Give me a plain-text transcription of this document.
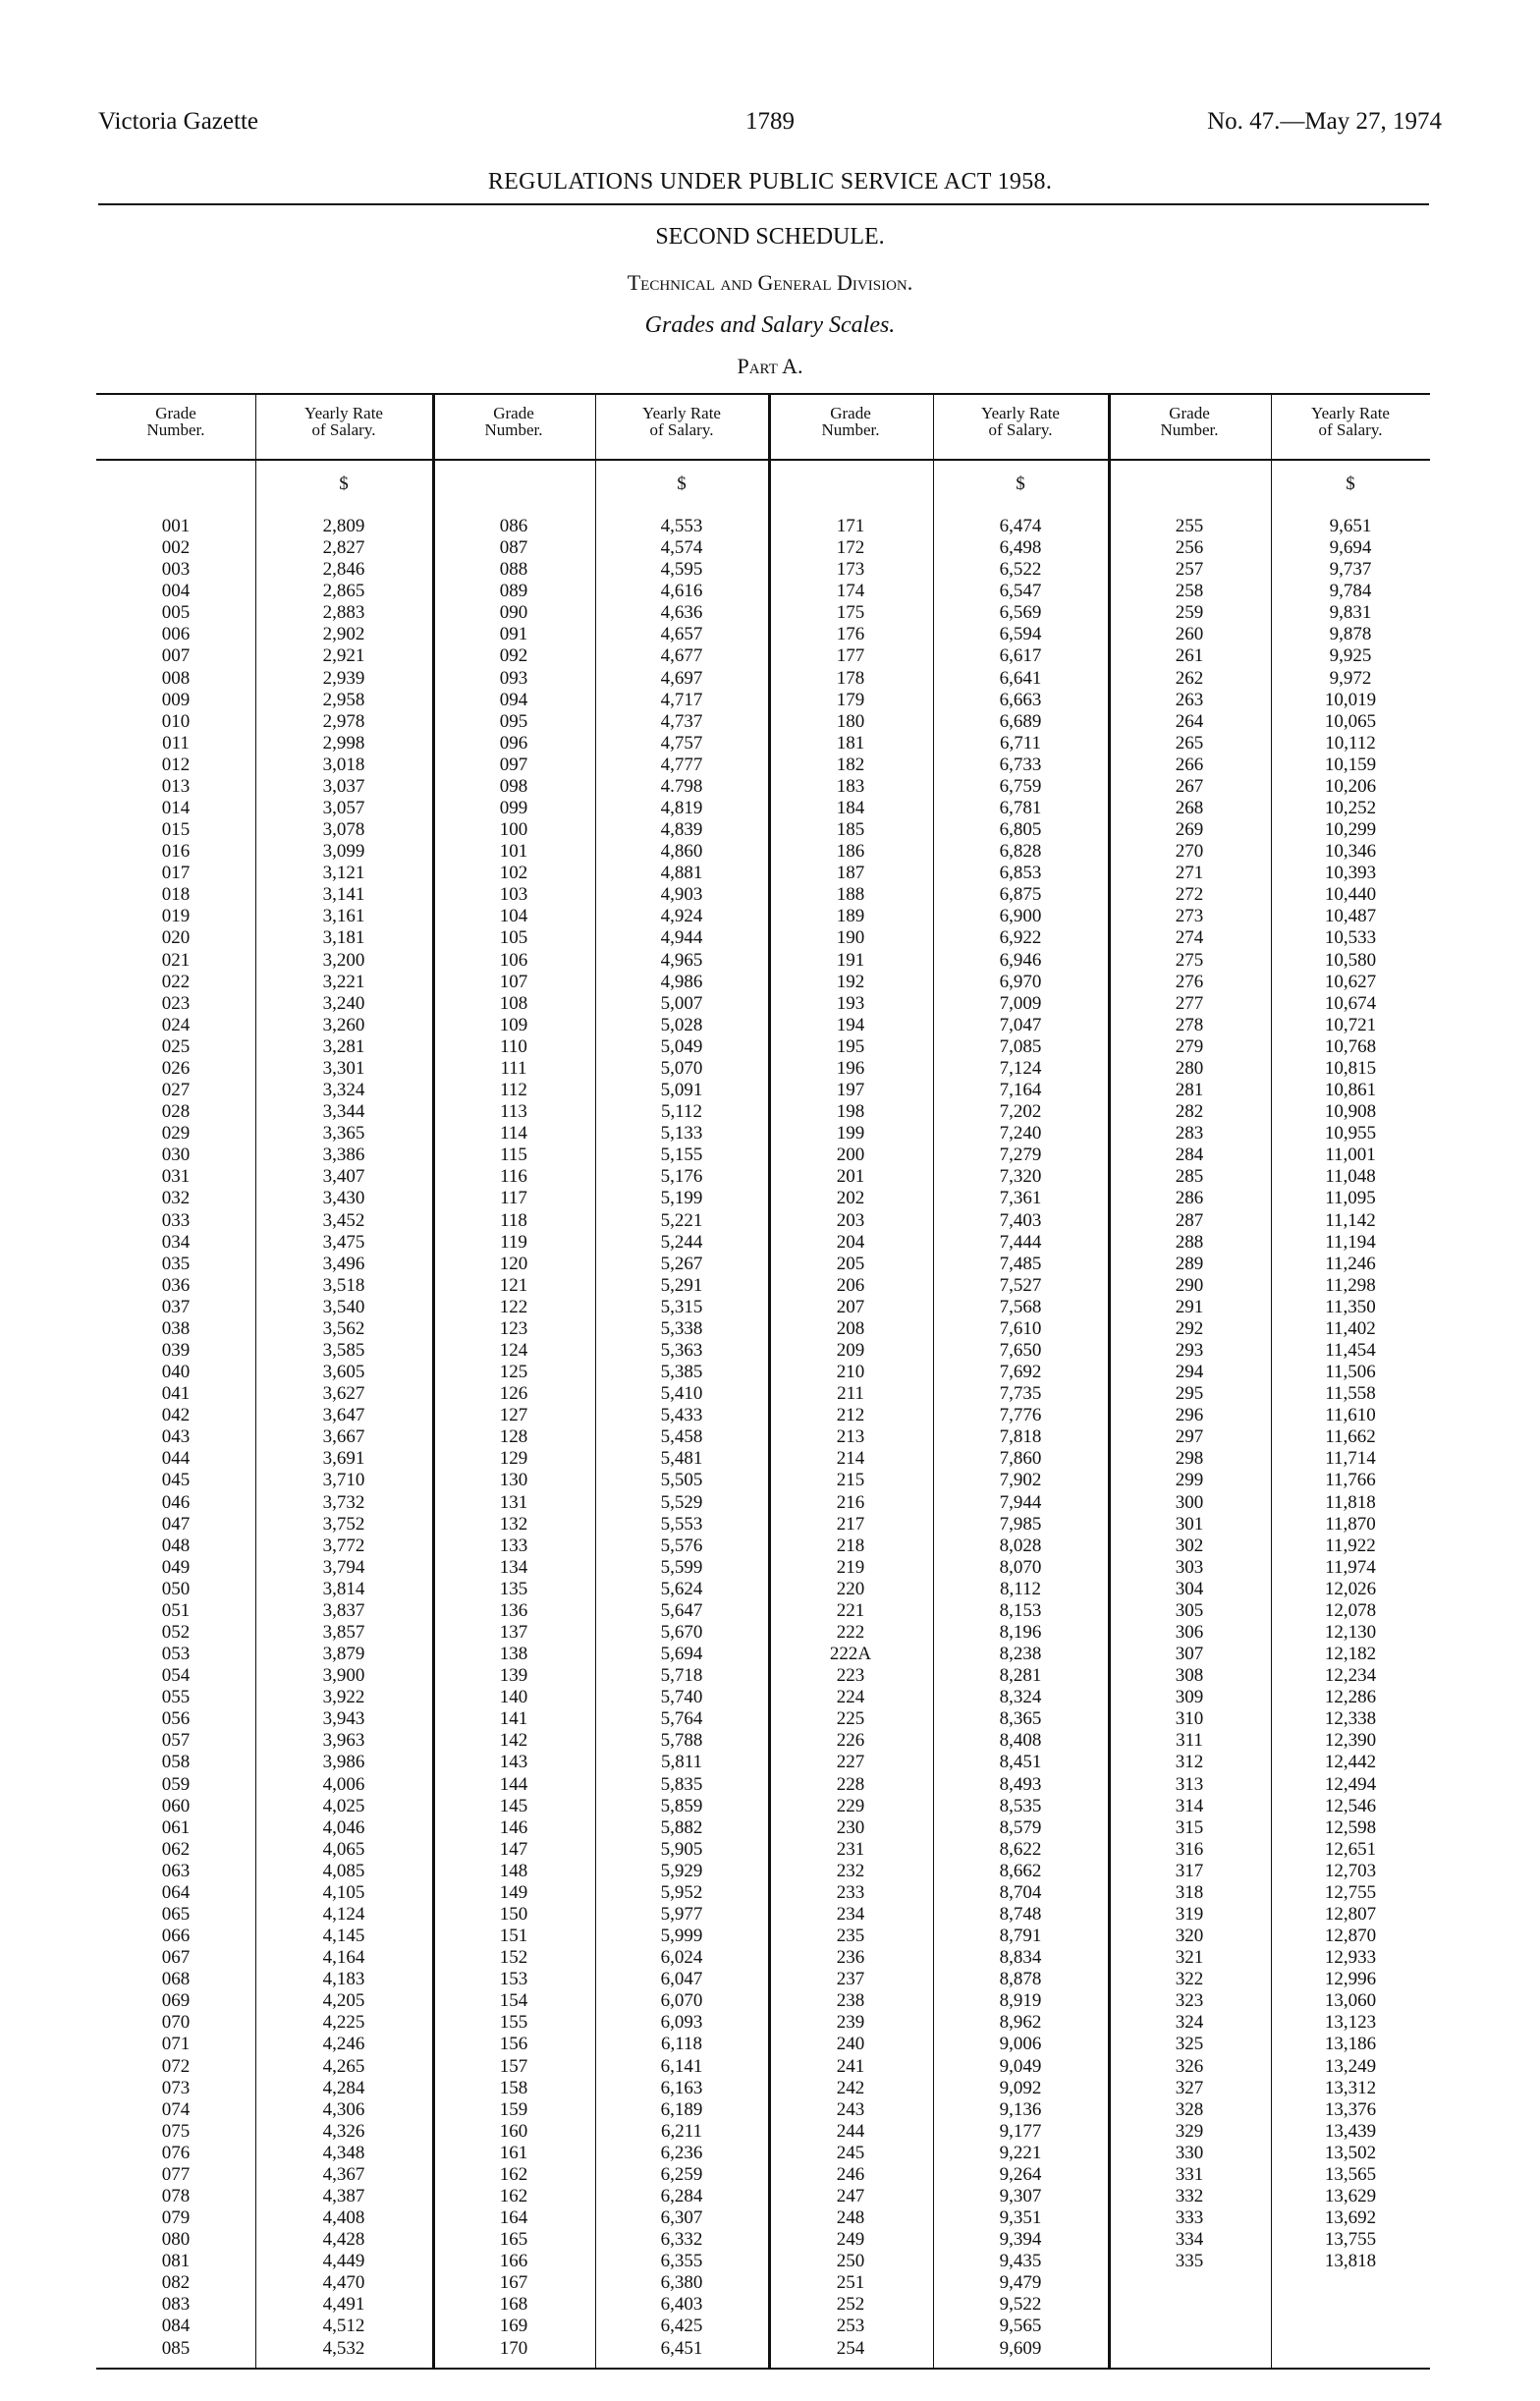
Victoria Gazette	1789	No. 47.—May 27, 1974
REGULATIONS UNDER PUBLIC SERVICE ACT 1958.
SECOND SCHEDULE.
Technical and General Division.
Grades and Salary Scales.
Part A.
Grade
Number.
001
002
003
004
005
006
007
008
009
010
011
012
013
014
015
016
017
018
019
020
021
022
023
024
025
026
027
028
029
030
031
032
033
034
035
036
037
038
039
040
041
042
043
044
045
046
047
048
049
050
051
052
053
054
055
056
057
058
059
060
061
062
063
064
065
066
067
068
069
070
071
072
073
074
075
076
077
078
079
080
081
082
083
084
085
Yearly Rate
of Salary.
$
2,809
2,827
2,846
2,865
2,883
2,902
2,921
2,939
2,958
2,978
2,998
3,018
3,037
3,057
3,078
3,099
3,121
3,141
3,161
3,181
3,200
3,221
3,240
3,260
3,281
3,301
3,324
3,344
3,365
3,386
3,407
3,430
3,452
3,475
3,496
3,518
3,540
3,562
3,585
3,605
3,627
3,647
3,667
3,691
3,710
3,732
3,752
3,772
3,794
3,814
3,837
3,857
3,879
3,900
3,922
3,943
3,963
3,986
4,006
4,025
4,046
4,065
4,085
4,105
4,124
4,145
4,164
4,183
4,205
4,225
4,246
4,265
4,284
4,306
4,326
4,348
4,367
4,387
4,408
4,428
4,449
4,470
4,491
4,512
4,532
Grade
Number.
086
087
088
089
090
091
092
093
094
095
096
097
098
099
100
101
102
103
104
105
106
107
108
109
110
111
112
113
114
115
116
117
118
119
120
121
122
123
124
125
126
127
128
129
130
131
132
133
134
135
136
137
138
139
140
141
142
143
144
145
146
147
148
149
150
151
152
153
154
155
156
157
158
159
160
161
162
162
164
165
166
167
168
169
170
Yearly Rate
of Salary.
$
4,553
4,574
4,595
4,616
4,636
4,657
4,677
4,697
4,717
4,737
4,757
4,777
4.798
4,819
4,839
4,860
4,881
4,903
4,924
4,944
4,965
4,986
5,007
5,028
5,049
5,070
5,091
5,112
5,133
5,155
5,176
5,199
5,221
5,244
5,267
5,291
5,315
5,338
5,363
5,385
5,410
5,433
5,458
5,481
5,505
5,529
5,553
5,576
5,599
5,624
5,647
5,670
5,694
5,718
5,740
5,764
5,788
5,811
5,835
5,859
5,882
5,905
5,929
5,952
5,977
5,999
6,024
6,047
6,070
6,093
6,118
6,141
6,163
6,189
6,211
6,236
6,259
6,284
6,307
6,332
6,355
6,380
6,403
6,425
6,451
Grade
Number.
171
172
173
174
175
176
177
178
179
180
181
182
183
184
185
186
187
188
189
190
191
192
193
194
195
196
197
198
199
200
201
202
203
204
205
206
207
208
209
210
211
212
213
214
215
216
217
218
219
220
221
222
222A
223
224
225
226
227
228
229
230
231
232
233
234
235
236
237
238
239
240
241
242
243
244
245
246
247
248
249
250
251
252
253
254
Yearly Rate
of Salary.
$
6,474
6,498
6,522
6,547
6,569
6,594
6,617
6,641
6,663
6,689
6,711
6,733
6,759
6,781
6,805
6,828
6,853
6,875
6,900
6,922
6,946
6,970
7,009
7,047
7,085
7,124
7,164
7,202
7,240
7,279
7,320
7,361
7,403
7,444
7,485
7,527
7,568
7,610
7,650
7,692
7,735
7,776
7,818
7,860
7,902
7,944
7,985
8,028
8,070
8,112
8,153
8,196
8,238
8,281
8,324
8,365
8,408
8,451
8,493
8,535
8,579
8,622
8,662
8,704
8,748
8,791
8,834
8,878
8,919
8,962
9,006
9,049
9,092
9,136
9,177
9,221
9,264
9,307
9,351
9,394
9,435
9,479
9,522
9,565
9,609
Grade
Number.
255
256
257
258
259
260
261
262
263
264
265
266
267
268
269
270
271
272
273
274
275
276
277
278
279
280
281
282
283
284
285
286
287
288
289
290
291
292
293
294
295
296
297
298
299
300
301
302
303
304
305
306
307
308
309
310
311
312
313
314
315
316
317
318
319
320
321
322
323
324
325
326
327
328
329
330
331
332
333
334
335
Yearly Rate
of Salary.
$
9,651
9,694
9,737
9,784
9,831
9,878
9,925
9,972
10,019
10,065
10,112
10,159
10,206
10,252
10,299
10,346
10,393
10,440
10,487
10,533
10,580
10,627
10,674
10,721
10,768
10,815
10,861
10,908
10,955
11,001
11,048
11,095
11,142
11,194
11,246
11,298
11,350
11,402
11,454
11,506
11,558
11,610
11,662
11,714
11,766
11,818
11,870
11,922
11,974
12,026
12,078
12,130
12,182
12,234
12,286
12,338
12,390
12,442
12,494
12,546
12,598
12,651
12,703
12,755
12,807
12,870
12,933
12,996
13,060
13,123
13,186
13,249
13,312
13,376
13,439
13,502
13,565
13,629
13,692
13,755
13,818
